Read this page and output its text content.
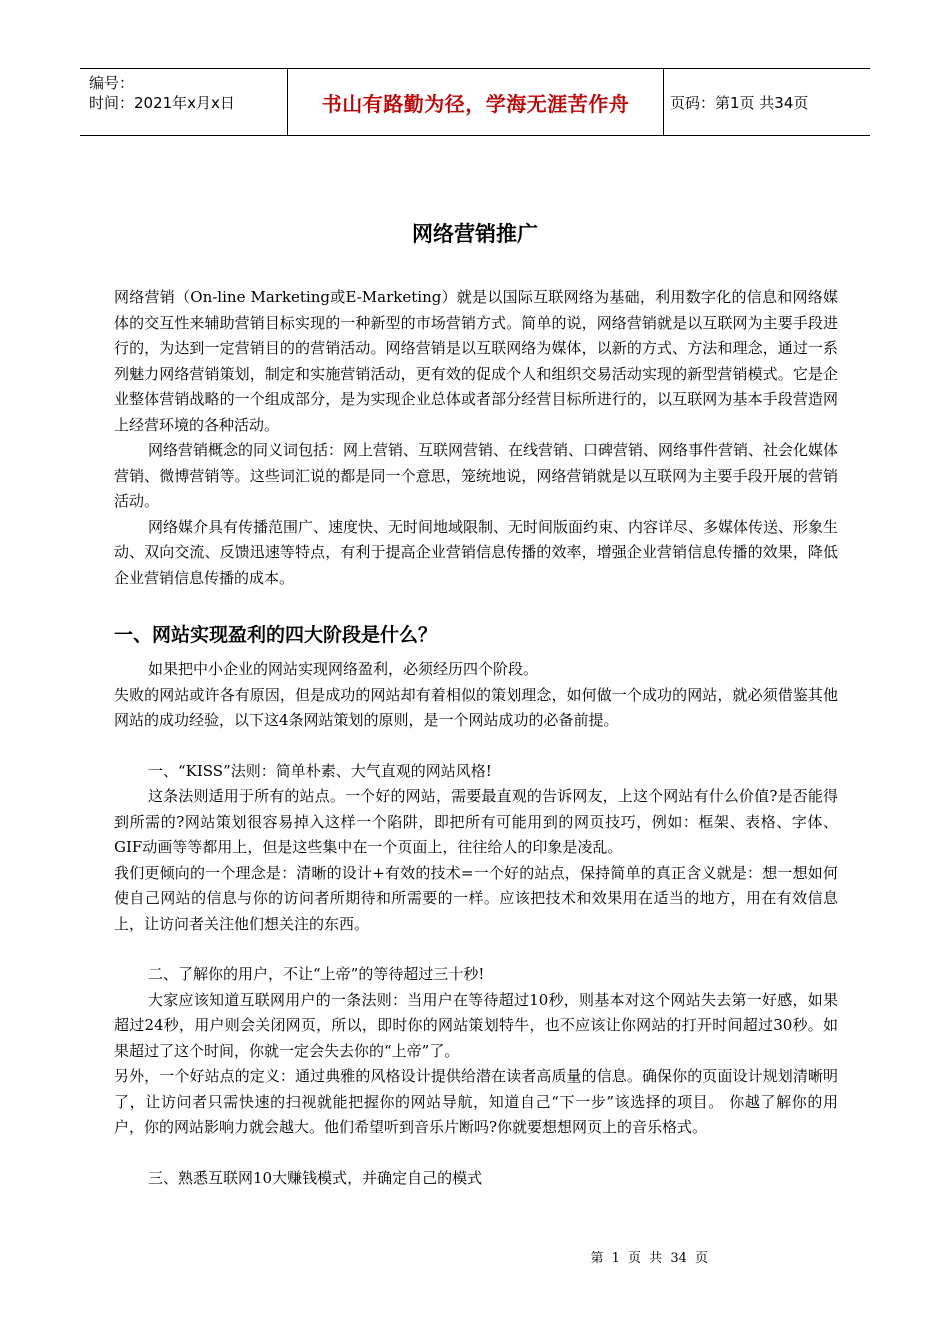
编号：
时间：2021年x月x日	书山有路勤为径，学海无涯苦作舟	页码：第1页 共34页
网络营销推广

网络营销（On-line Marketing或E-Marketing）就是以国际互联网络为基础，利用数字化的信息和网络媒体的交互性来辅助营销目标实现的一种新型的市场营销方式。简单的说，网络营销就是以互联网为主要手段进行的，为达到一定营销目的的营销活动。网络营销是以互联网络为媒体，以新的方式、方法和理念，通过一系列魅力网络营销策划，制定和实施营销活动，更有效的促成个人和组织交易活动实现的新型营销模式。它是企业整体营销战略的一个组成部分，是为实现企业总体或者部分经营目标所进行的，以互联网为基本手段营造网上经营环境的各种活动。

网络营销概念的同义词包括：网上营销、互联网营销、在线营销、口碑营销、网络事件营销、社会化媒体营销、微博营销等。这些词汇说的都是同一个意思，笼统地说，网络营销就是以互联网为主要手段开展的营销活动。

网络媒介具有传播范围广、速度快、无时间地域限制、无时间版面约束、内容详尽、多媒体传送、形象生动、双向交流、反馈迅速等特点，有利于提高企业营销信息传播的效率，增强企业营销信息传播的效果，降低企业营销信息传播的成本。

一、网站实现盈利的四大阶段是什么？

如果把中小企业的网站实现网络盈利，必须经历四个阶段。

失败的网站或许各有原因，但是成功的网站却有着相似的策划理念，如何做一个成功的网站，就必须借鉴其他网站的成功经验，以下这4条网站策划的原则，是一个网站成功的必备前提。

一、“KISS”法则：简单朴素、大气直观的网站风格!

这条法则适用于所有的站点。一个好的网站，需要最直观的告诉网友，上这个网站有什么价值?是否能得到所需的?网站策划很容易掉入这样一个陷阱，即把所有可能用到的网页技巧，例如：框架、表格、字体、GIF动画等等都用上，但是这些集中在一个页面上，往往给人的印象是凌乱。

我们更倾向的一个理念是：清晰的设计+有效的技术=一个好的站点，保持简单的真正含义就是：想一想如何使自己网站的信息与你的访问者所期待和所需要的一样。应该把技术和效果用在适当的地方，用在有效信息上，让访问者关注他们想关注的东西。

二、了解你的用户，不让“上帝”的等待超过三十秒!

大家应该知道互联网用户的一条法则：当用户在等待超过10秒，则基本对这个网站失去第一好感，如果超过24秒，用户则会关闭网页，所以，即时你的网站策划特牛，也不应该让你网站的打开时间超过30秒。如果超过了这个时间，你就一定会失去你的“上帝”了。

另外，一个好站点的定义：通过典雅的风格设计提供给潜在读者高质量的信息。确保你的页面设计规划清晰明了，让访问者只需快速的扫视就能把握你的网站导航，知道自己“下一步”该选择的项目。 你越了解你的用户，你的网站影响力就会越大。他们希望听到音乐片断吗?你就要想想网页上的音乐格式。

三、熟悉互联网10大赚钱模式，并确定自己的模式

第 1 页 共 34 页
